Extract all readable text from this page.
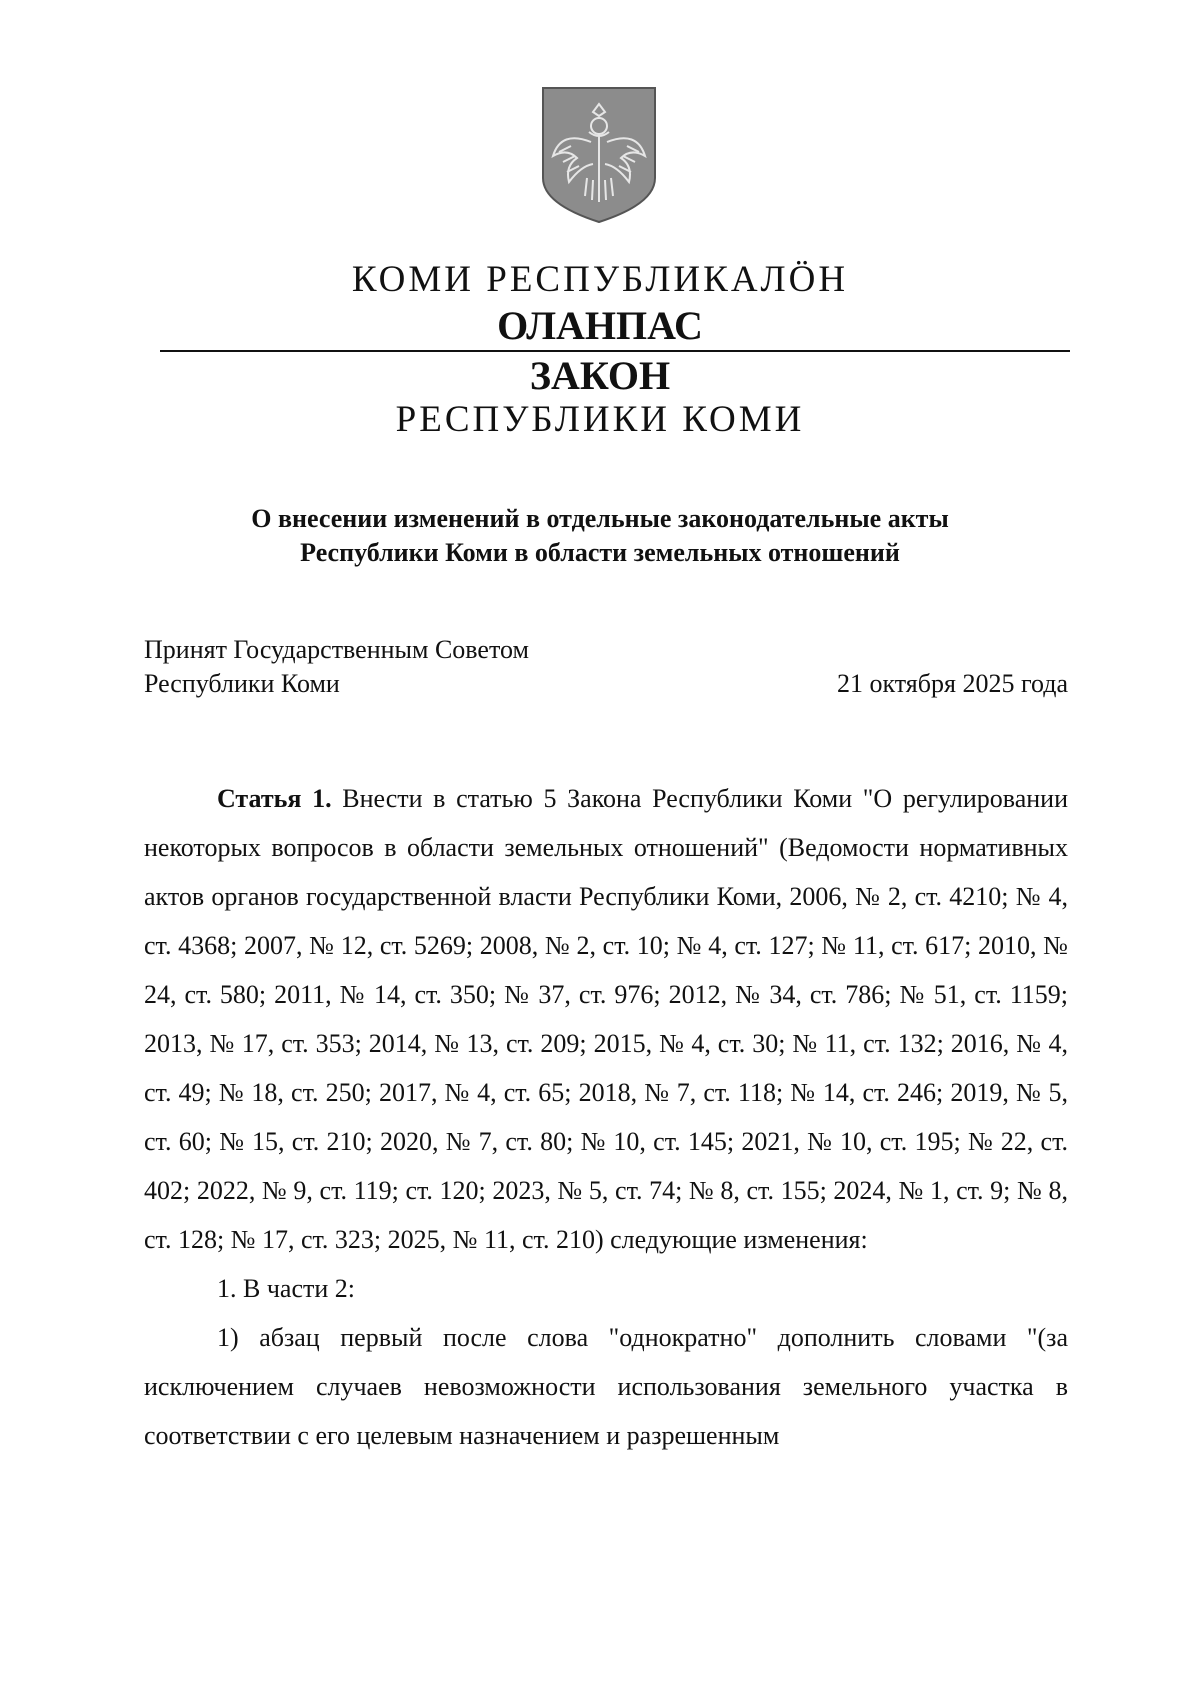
КОМИ РЕСПУБЛИКАЛӦН
ОЛАНПАС
ЗАКОН
РЕСПУБЛИКИ КОМИ
О внесении изменений в отдельные законодательные акты
Республики Коми в области земельных отношений
Принят Государственным Советом
Республики Коми	21 октября 2025 года

Статья 1. Внести в статью 5 Закона Республики Коми "О регулировании некоторых вопросов в области земельных отношений" (Ведомости нормативных актов органов государственной власти Республики Коми, 2006, № 2, ст. 4210; № 4, ст. 4368; 2007, № 12, ст. 5269; 2008, № 2, ст. 10; № 4, ст. 127; № 11, ст. 617; 2010, № 24, ст. 580; 2011, № 14, ст. 350; № 37, ст. 976; 2012, № 34, ст. 786; № 51, ст. 1159; 2013, № 17, ст. 353; 2014, № 13, ст. 209; 2015, № 4, ст. 30; № 11, ст. 132; 2016, № 4, ст. 49; № 18, ст. 250; 2017, № 4, ст. 65; 2018, № 7, ст. 118; № 14, ст. 246; 2019, № 5, ст. 60; № 15, ст. 210; 2020, № 7, ст. 80; № 10, ст. 145; 2021, № 10, ст. 195; № 22, ст. 402; 2022, № 9, ст. 119; ст. 120; 2023, № 5, ст. 74; № 8, ст. 155; 2024, № 1, ст. 9; № 8, ст. 128; № 17, ст. 323; 2025, № 11, ст. 210) следующие изменения:

1. В части 2:

1) абзац первый после слова "однократно" дополнить словами "(за исключением случаев невозможности использования земельного участка в соответствии с его целевым назначением и разрешенным
